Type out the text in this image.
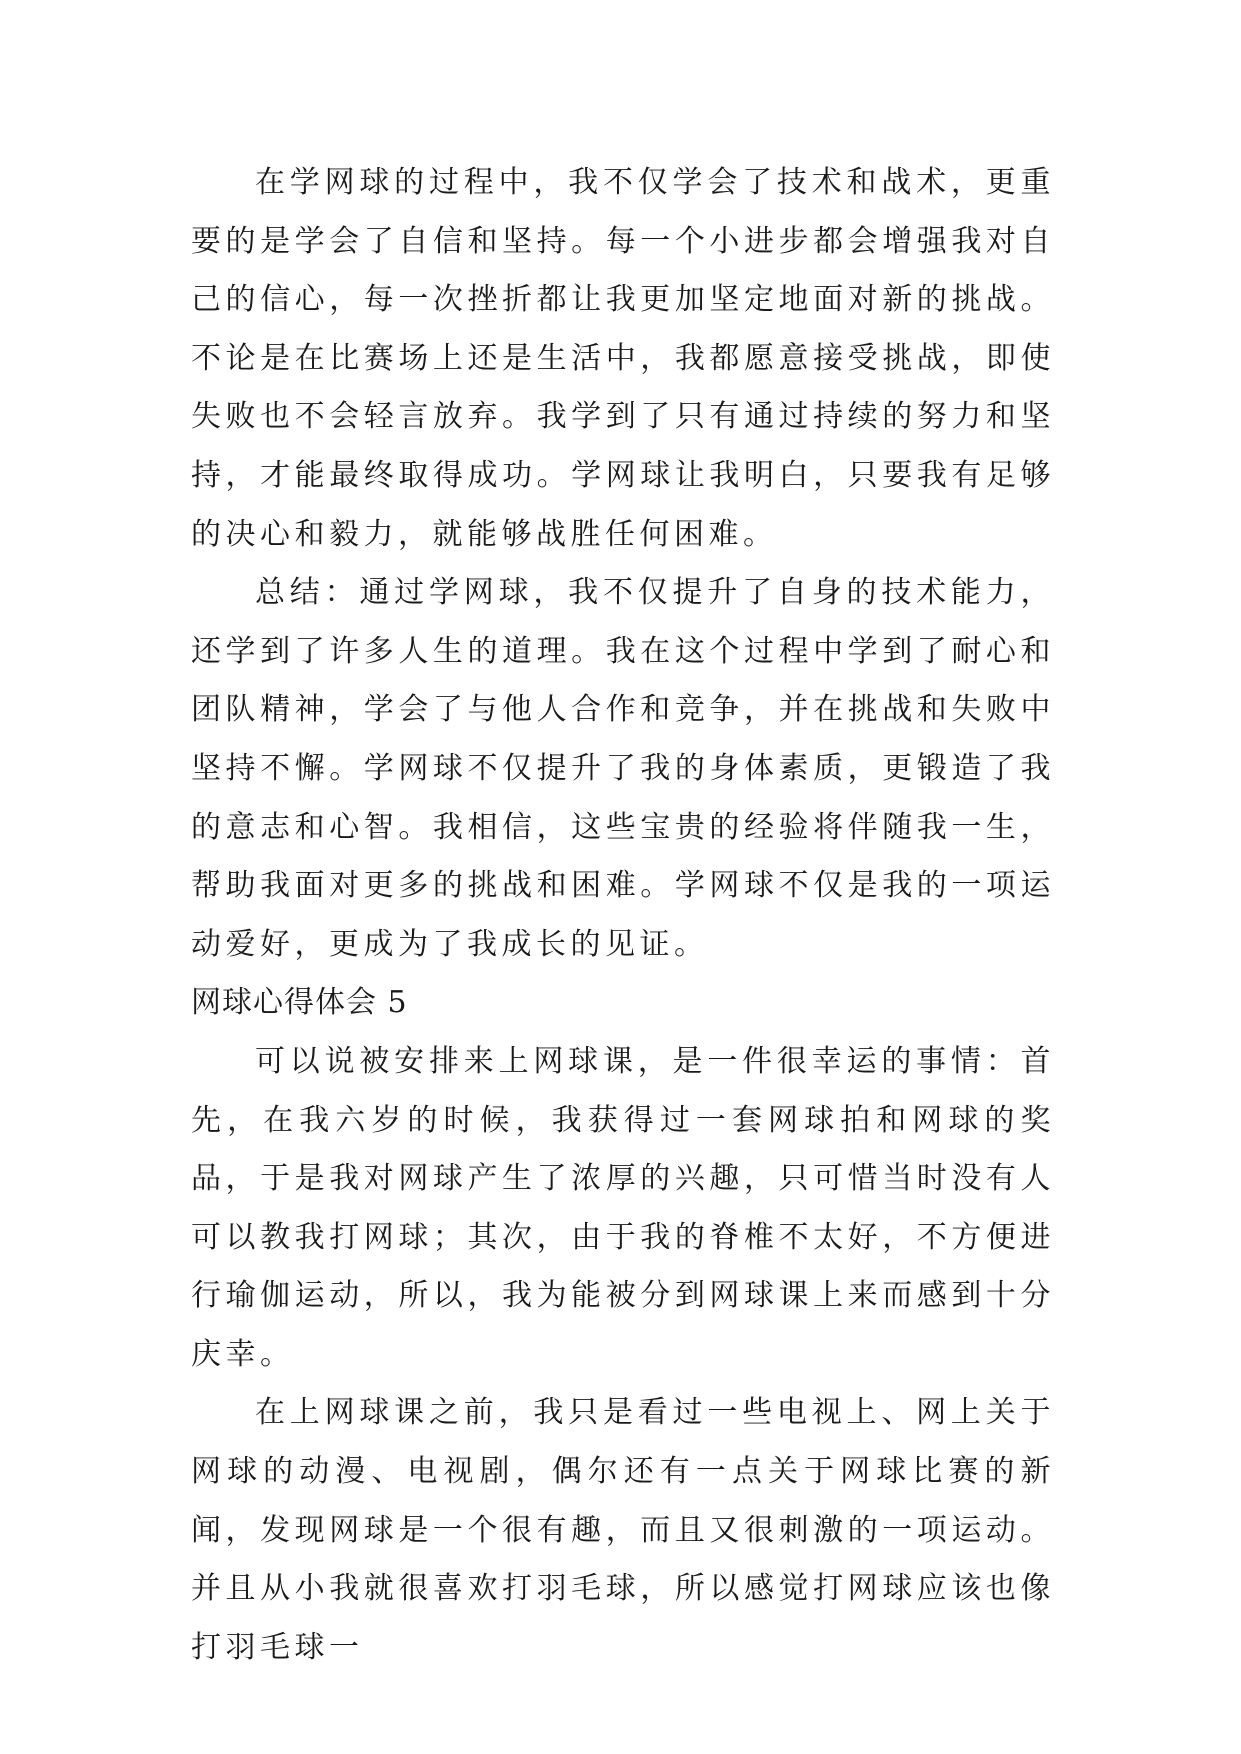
在学网球的过程中，我不仅学会了技术和战术，更重要的是学会了自信和坚持。每一个小进步都会增强我对自己的信心，每一次挫折都让我更加坚定地面对新的挑战。不论是在比赛场上还是生活中，我都愿意接受挑战，即使失败也不会轻言放弃。我学到了只有通过持续的努力和坚持，才能最终取得成功。学网球让我明白，只要我有足够的决心和毅力，就能够战胜任何困难。

总结：通过学网球，我不仅提升了自身的技术能力，还学到了许多人生的道理。我在这个过程中学到了耐心和团队精神，学会了与他人合作和竞争，并在挑战和失败中坚持不懈。学网球不仅提升了我的身体素质，更锻造了我的意志和心智。我相信，这些宝贵的经验将伴随我一生，帮助我面对更多的挑战和困难。学网球不仅是我的一项运动爱好，更成为了我成长的见证。

网球心得体会 5

可以说被安排来上网球课，是一件很幸运的事情：首先，在我六岁的时候，我获得过一套网球拍和网球的奖品，于是我对网球产生了浓厚的兴趣，只可惜当时没有人可以教我打网球；其次，由于我的脊椎不太好，不方便进行瑜伽运动，所以，我为能被分到网球课上来而感到十分庆幸。

在上网球课之前，我只是看过一些电视上、网上关于网球的动漫、电视剧，偶尔还有一点关于网球比赛的新闻，发现网球是一个很有趣，而且又很刺激的一项运动。并且从小我就很喜欢打羽毛球，所以感觉打网球应该也像打羽毛球一
